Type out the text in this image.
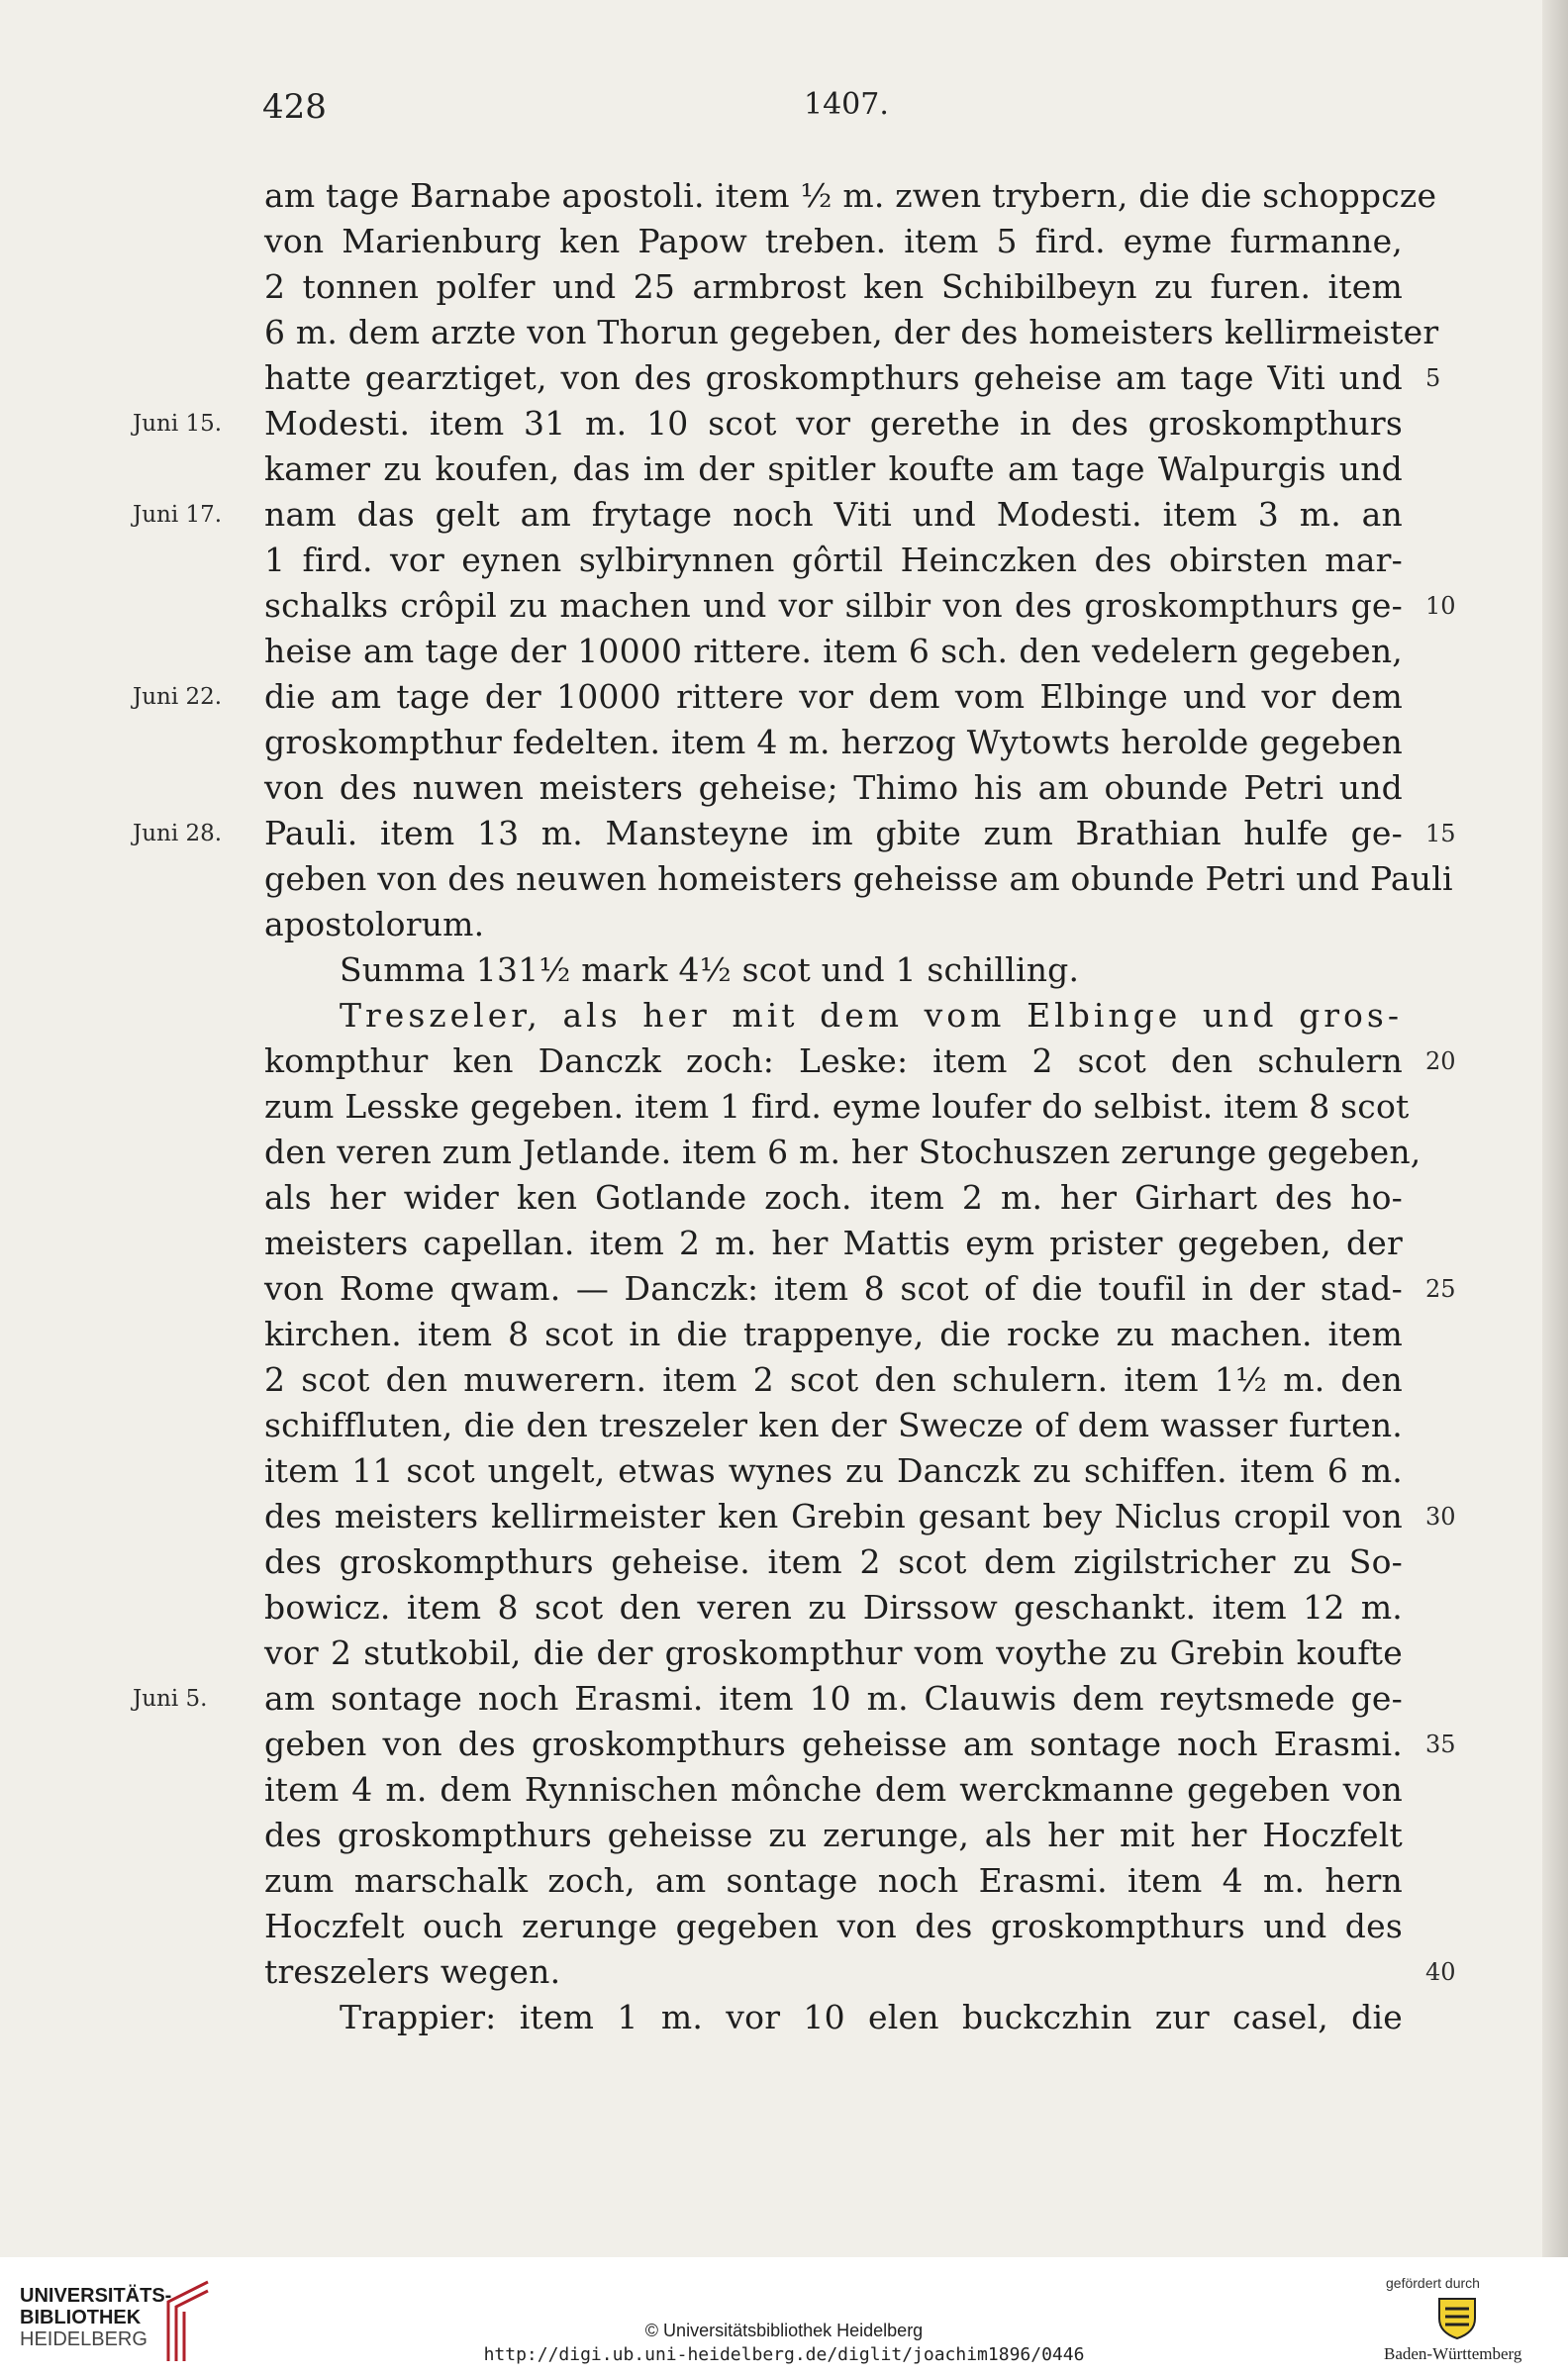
428	1407.
am tage Barnabe apostoli. item ½ m. zwen trybern, die die schoppcze
von Marienburg ken Papow treben. item 5 fird. eyme furmanne,
2 tonnen polfer und 25 armbrost ken Schibilbeyn zu furen. item
6 m. dem arzte von Thorun gegeben, der des homeisters kellirmeister
hatte gearztiget, von des groskompthurs geheise am tage Viti und
Modesti. item 31 m. 10 scot vor gerethe in des groskompthurs
kamer zu koufen, das im der spitler koufte am tage Walpurgis und
nam das gelt am frytage noch Viti und Modesti. item 3 m. an
1 fird. vor eynen sylbirynnen gôrtil Heinczken des obirsten mar-
schalks crôpil zu machen und vor silbir von des groskompthurs ge-
heise am tage der 10000 rittere. item 6 sch. den vedelern gegeben,
die am tage der 10000 rittere vor dem vom Elbinge und vor dem
groskompthur fedelten. item 4 m. herzog Wytowts herolde gegeben
von des nuwen meisters geheise; Thimo his am obunde Petri und
Pauli. item 13 m. Mansteyne im gbite zum Brathian hulfe ge-
geben von des neuwen homeisters geheisse am obunde Petri und Pauli
apostolorum.
Summa 131½ mark 4½ scot und 1 schilling.
Treszeler, als her mit dem vom Elbinge und gros-
kompthur ken Danczk zoch: Leske: item 2 scot den schulern
zum Lesske gegeben. item 1 fird. eyme loufer do selbist. item 8 scot
den veren zum Jetlande. item 6 m. her Stochuszen zerunge gegeben,
als her wider ken Gotlande zoch. item 2 m. her Girhart des ho-
meisters capellan. item 2 m. her Mattis eym prister gegeben, der
von Rome qwam. — Danczk: item 8 scot of die toufil in der stad-
kirchen. item 8 scot in die trappenye, die rocke zu machen. item
2 scot den muwerern. item 2 scot den schulern. item 1½ m. den
schiffluten, die den treszeler ken der Swecze of dem wasser furten.
item 11 scot ungelt, etwas wynes zu Danczk zu schiffen. item 6 m.
des meisters kellirmeister ken Grebin gesant bey Niclus cropil von
des groskompthurs geheise. item 2 scot dem zigilstricher zu So-
bowicz. item 8 scot den veren zu Dirssow geschankt. item 12 m.
vor 2 stutkobil, die der groskompthur vom voythe zu Grebin koufte
am sontage noch Erasmi. item 10 m. Clauwis dem reytsmede ge-
geben von des groskompthurs geheisse am sontage noch Erasmi.
item 4 m. dem Rynnischen mônche dem werckmanne gegeben von
des groskompthurs geheisse zu zerunge, als her mit her Hoczfelt
zum marschalk zoch, am sontage noch Erasmi. item 4 m. hern
Hoczfelt ouch zerunge gegeben von des groskompthurs und des
treszelers wegen.
Trappier: item 1 m. vor 10 elen buckczhin zur casel, die
Juni 15.
Juni 17.
Juni 22.
Juni 28.
Juni 5.
5
10
15
20
25
30
35
40
UNIVERSITÄTS-
BIBLIOTHEK
HEIDELBERG	© Universitätsbibliothek Heidelberg
http://digi.ub.uni-heidelberg.de/diglit/joachim1896/0446
gefördert durch
Baden-Württemberg
